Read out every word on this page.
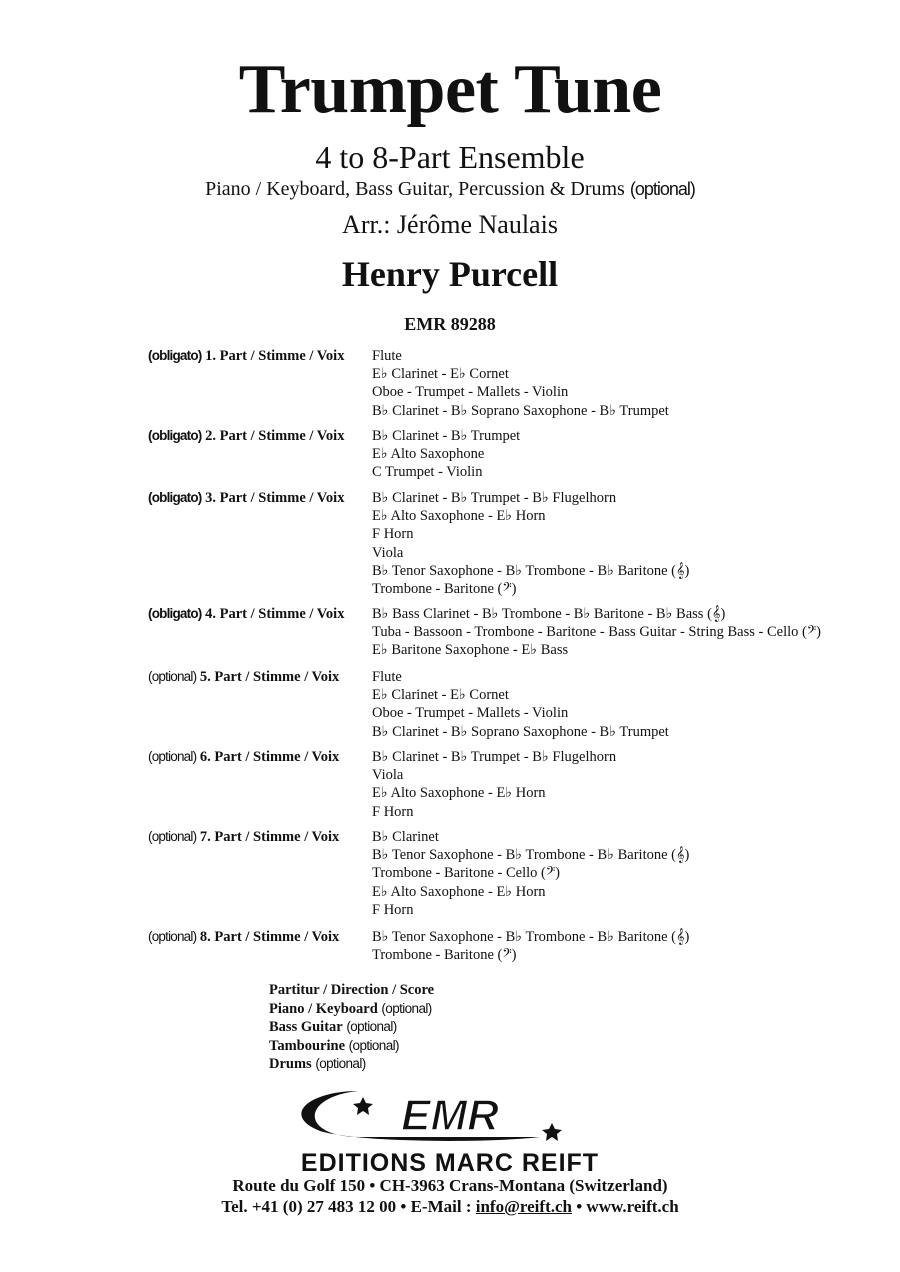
Trumpet Tune
4 to 8-Part Ensemble
Piano / Keyboard, Bass Guitar, Percussion & Drums (optional)
Arr.: Jérôme Naulais
Henry Purcell
EMR 89288
(obligato) 1. Part / Stimme / Voix	Flute
E♭ Clarinet - E♭ Cornet
Oboe - Trumpet - Mallets - Violin
B♭ Clarinet - B♭ Soprano Saxophone - B♭ Trumpet
(obligato) 2. Part / Stimme / Voix	B♭ Clarinet - B♭ Trumpet
E♭ Alto Saxophone
C Trumpet - Violin
(obligato) 3. Part / Stimme / Voix	B♭ Clarinet - B♭ Trumpet - B♭ Flugelhorn
E♭ Alto Saxophone - E♭ Horn
F Horn
Viola
B♭ Tenor Saxophone - B♭ Trombone - B♭ Baritone (𝄞)
Trombone - Baritone (𝄢)
(obligato) 4. Part / Stimme / Voix	B♭ Bass Clarinet - B♭ Trombone - B♭ Baritone - B♭ Bass (𝄞)
Tuba - Bassoon - Trombone - Baritone - Bass Guitar - String Bass - Cello (𝄢)
E♭ Baritone Saxophone - E♭ Bass
(optional) 5. Part / Stimme / Voix	Flute
E♭ Clarinet - E♭ Cornet
Oboe - Trumpet - Mallets - Violin
B♭ Clarinet - B♭ Soprano Saxophone - B♭ Trumpet
(optional) 6. Part / Stimme / Voix	B♭ Clarinet - B♭ Trumpet - B♭ Flugelhorn
Viola
E♭ Alto Saxophone - E♭ Horn
F Horn
(optional) 7. Part / Stimme / Voix	B♭ Clarinet
B♭ Tenor Saxophone - B♭ Trombone - B♭ Baritone (𝄞)
Trombone - Baritone - Cello (𝄢)
E♭ Alto Saxophone - E♭ Horn
F Horn
(optional) 8. Part / Stimme / Voix	B♭ Tenor Saxophone - B♭ Trombone - B♭ Baritone (𝄞)
Trombone - Baritone (𝄢)
Partitur / Direction / Score
Piano / Keyboard (optional)
Bass Guitar (optional)
Tambourine (optional)
Drums (optional)
EMR
EDITIONS MARC REIFT
Route du Golf 150 • CH-3963 Crans-Montana (Switzerland)
Tel. +41 (0) 27 483 12 00 • E-Mail : info@reift.ch • www.reift.ch
